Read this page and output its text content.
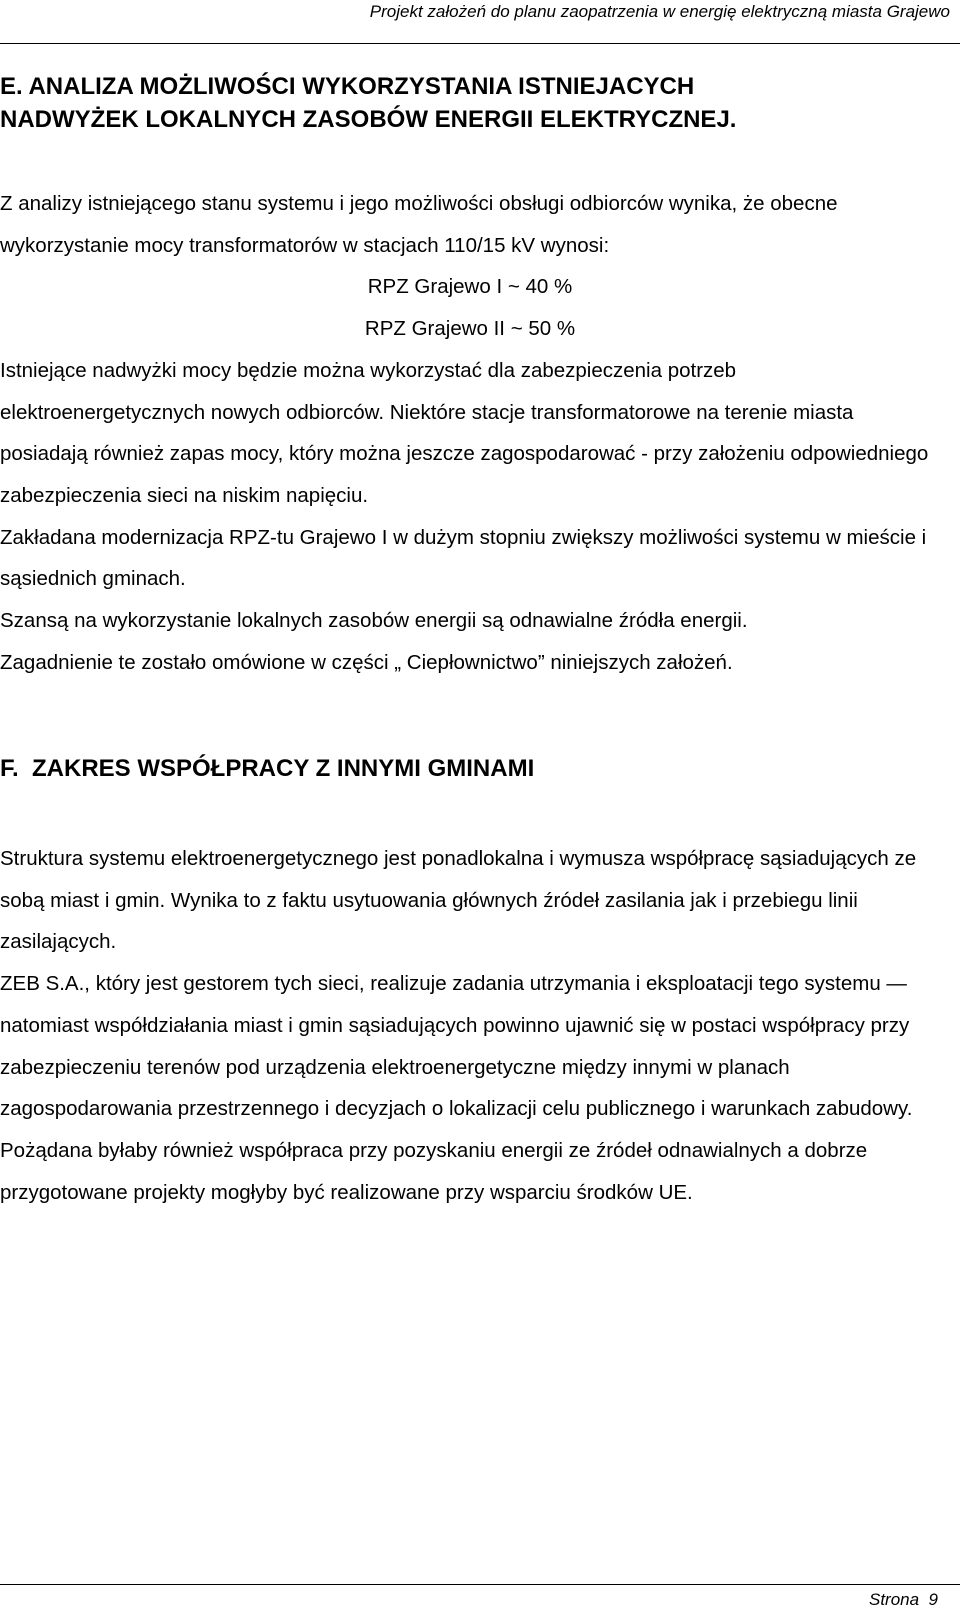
Projekt założeń do planu zaopatrzenia w energię elektryczną miasta Grajewo
E. ANALIZA MOŻLIWOŚCI WYKORZYSTANIA ISTNIEJACYCH
NADWYŻEK LOKALNYCH ZASOBÓW ENERGII ELEKTRYCZNEJ.

Z analizy istniejącego stanu systemu i jego możliwości obsługi odbiorców wynika, że obecne wykorzystanie mocy transformatorów w stacjach 110/15 kV wynosi:

RPZ Grajewo I ~ 40 %

RPZ Grajewo II ~ 50 %

Istniejące nadwyżki mocy będzie można wykorzystać dla zabezpieczenia potrzeb elektroenergetycznych nowych odbiorców. Niektóre stacje transformatorowe na terenie miasta posiadają również zapas mocy, który można jeszcze zagospodarować - przy założeniu odpowiedniego zabezpieczenia sieci na niskim napięciu.

Zakładana modernizacja RPZ-tu Grajewo I w dużym stopniu zwiększy możliwości systemu w mieście i sąsiednich gminach.

Szansą na wykorzystanie lokalnych zasobów energii są odnawialne źródła energii.

Zagadnienie te zostało omówione w części „ Ciepłownictwo” niniejszych założeń.

F.  ZAKRES WSPÓŁPRACY Z INNYMI GMINAMI

Struktura systemu elektroenergetycznego jest ponadlokalna i wymusza współpracę sąsiadujących ze sobą miast i gmin. Wynika to z faktu usytuowania głównych źródeł zasilania jak i przebiegu linii zasilających.

ZEB S.A., który jest gestorem tych sieci, realizuje zadania utrzymania i eksploatacji tego systemu — natomiast współdziałania miast i gmin sąsiadujących powinno ujawnić się w postaci współpracy przy zabezpieczeniu terenów pod urządzenia elektroenergetyczne między innymi w planach zagospodarowania przestrzennego i decyzjach o lokalizacji celu publicznego i warunkach zabudowy. Pożądana byłaby również współpraca przy pozyskaniu energii ze źródeł odnawialnych a dobrze przygotowane projekty mogłyby być realizowane przy wsparciu środków UE.

Strona  9
